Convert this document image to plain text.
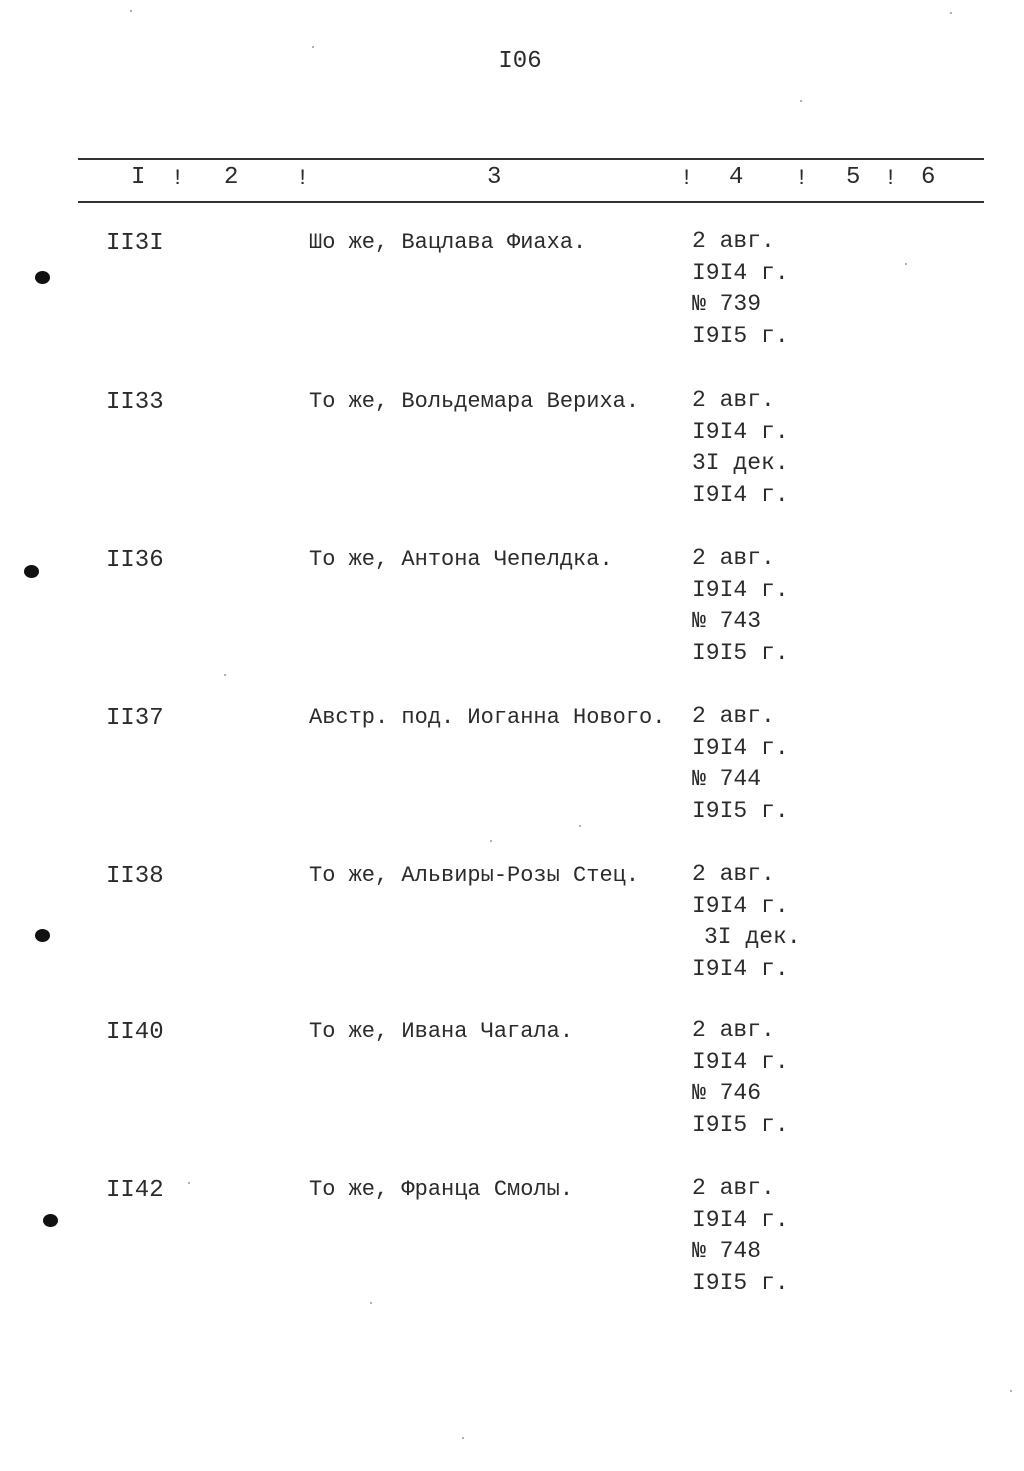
I06
I ! 2	!	3	! 4 ! 5 ! 6
II3I	Шо же, Вацлава Фиаха.	2 авг.
I9I4 г.
№ 739
I9I5 г.
II33	То же, Вольдемара Вериха. 2 авг.
I9I4 г.
3I дек.
I9I4 г.
II36	То же, Антона Чепелдка.	2 авг.
I9I4 г.
№ 743
I9I5 г.
II37	Австр. под. Иоганна Нового. 2 авг.
I9I4 г.
№ 744
I9I5 г.
II38	То же, Альвиры-Розы Стец. 2 авг.
I9I4 г.
3I дек.
I9I4 г.
II40	То же, Ивана Чагала.	2 авг.
I9I4 г.
№ 746
I9I5 г.
II42	То же, Франца Смолы.	2 авг.
I9I4 г.
№ 748
I9I5 г.
